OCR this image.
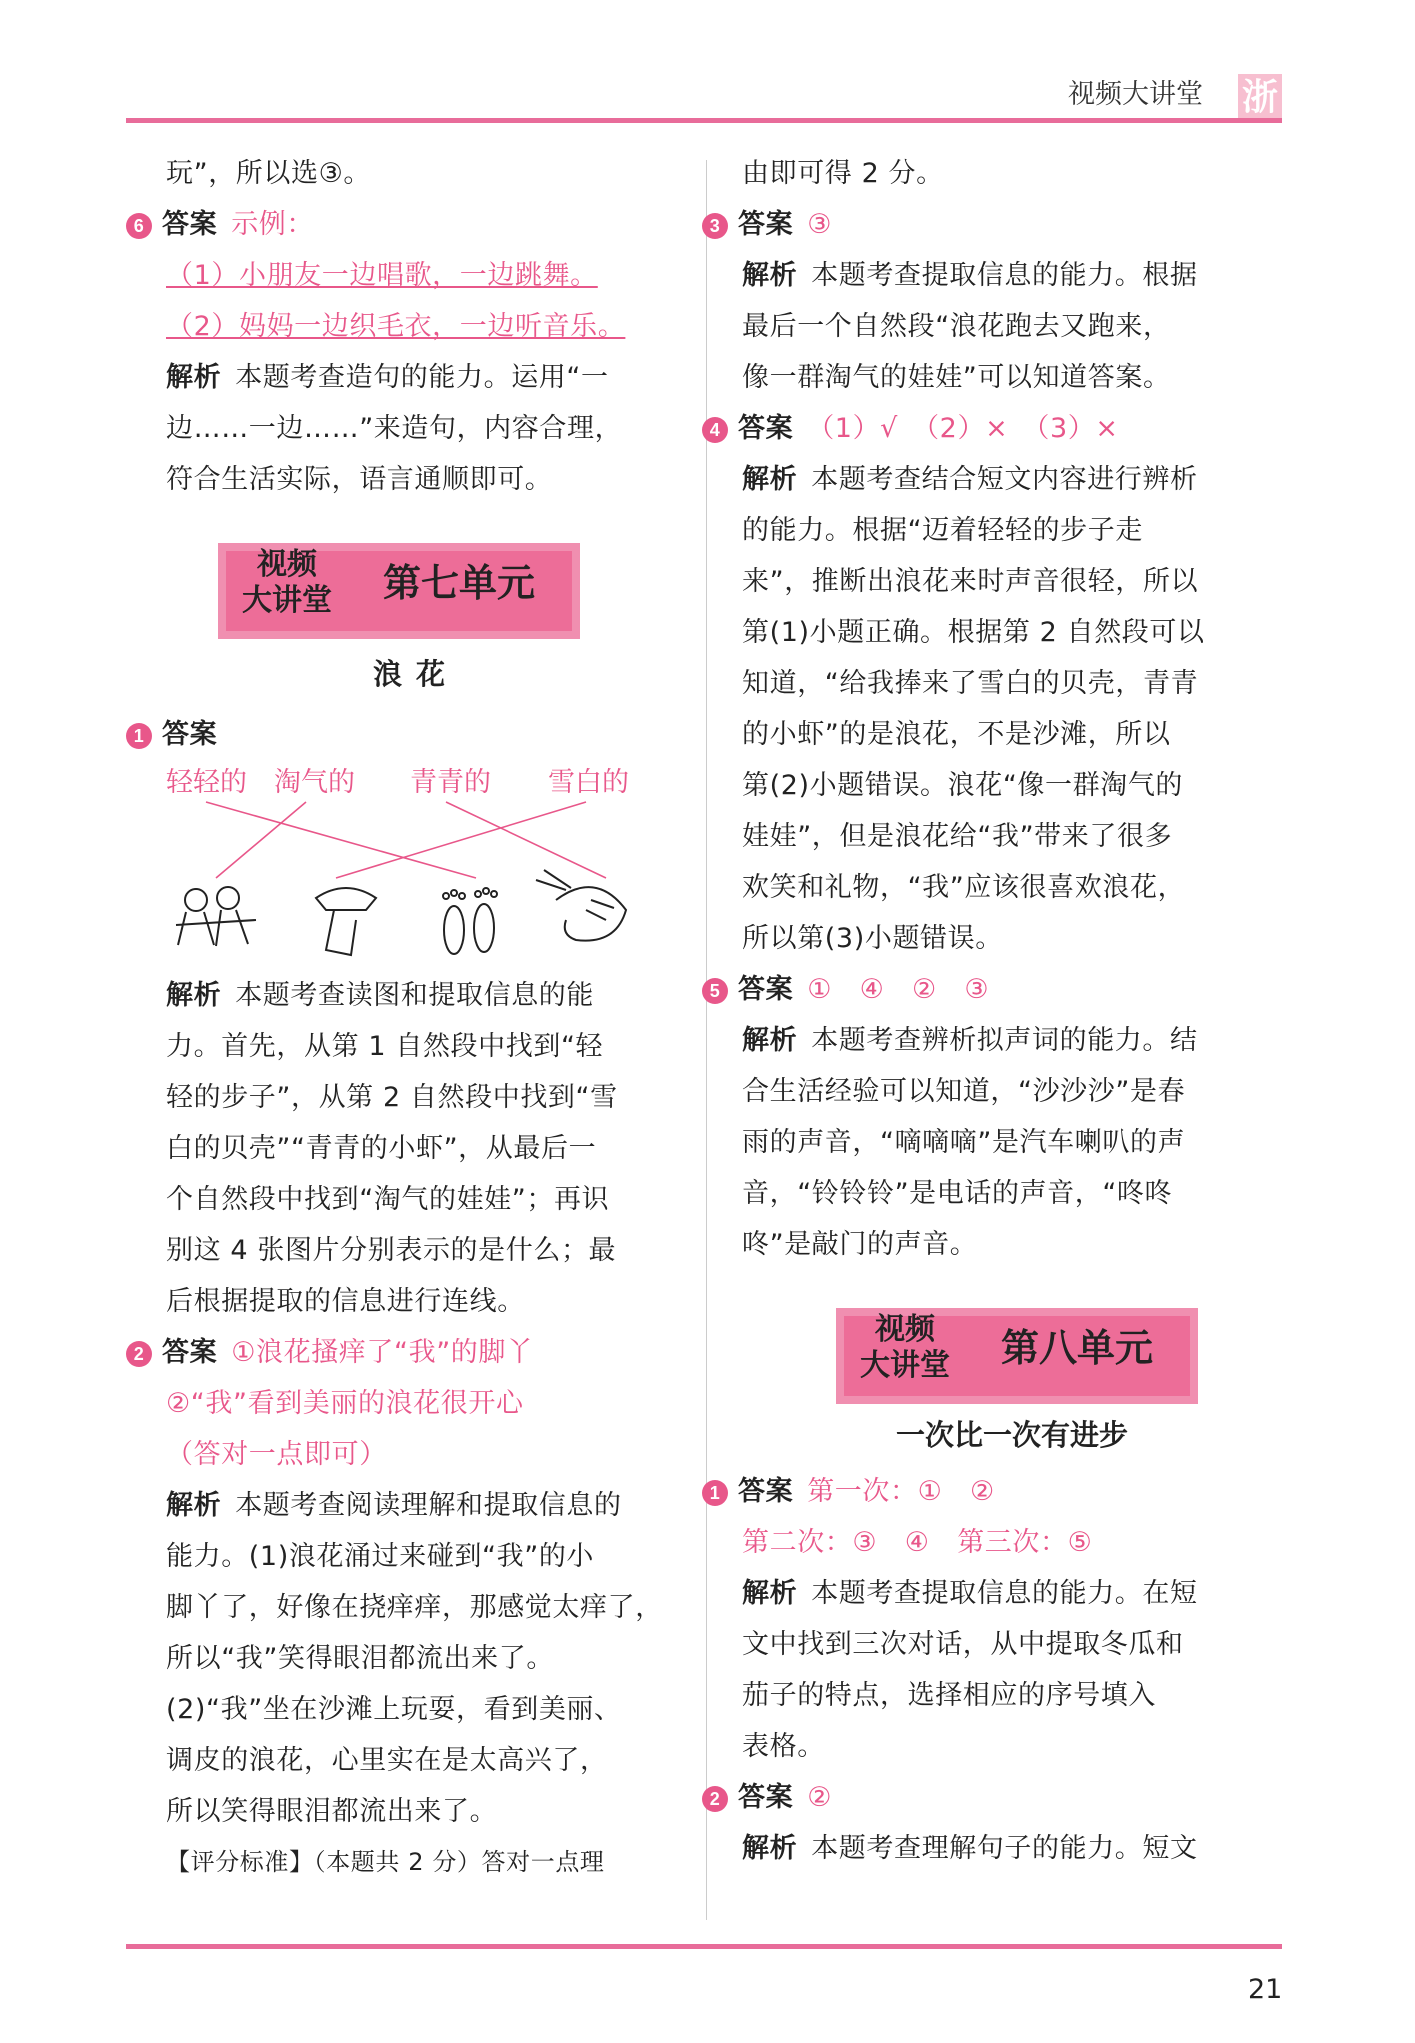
视频大讲堂 浙
玩”，所以选③。
6 答案 示例：
（1）小朋友一边唱歌，一边跳舞。
（2）妈妈一边织毛衣，一边听音乐。
解析 本题考查造句的能力。运用“一
边……一边……”来造句，内容合理，
符合生活实际，语言通顺即可。
视频
大讲堂	第七单元
浪花
1 答案
轻轻的 淘气的 青青的 雪白的
解析 本题考查读图和提取信息的能
力。首先，从第 1 自然段中找到“轻
轻的步子”，从第 2 自然段中找到“雪
白的贝壳”“青青的小虾”，从最后一
个自然段中找到“淘气的娃娃”；再识
别这 4 张图片分别表示的是什么；最
后根据提取的信息进行连线。
2 答案 ①浪花搔痒了“我”的脚丫
②“我”看到美丽的浪花很开心
（答对一点即可）
解析 本题考查阅读理解和提取信息的
能力。(1)浪花涌过来碰到“我”的小
脚丫了，好像在挠痒痒，那感觉太痒了，
所以“我”笑得眼泪都流出来了。
(2)“我”坐在沙滩上玩耍，看到美丽、
调皮的浪花，心里实在是太高兴了，
所以笑得眼泪都流出来了。
【评分标准】（本题共 2 分）答对一点理
由即可得 2 分。
3 答案 ③
解析 本题考查提取信息的能力。根据
最后一个自然段“浪花跑去又跑来，
像一群淘气的娃娃”可以知道答案。
4 答案 （1）√　（2）×　（3）×
解析 本题考查结合短文内容进行辨析
的能力。根据“迈着轻轻的步子走
来”，推断出浪花来时声音很轻，所以
第(1)小题正确。根据第 2 自然段可以
知道，“给我捧来了雪白的贝壳，青青
的小虾”的是浪花，不是沙滩，所以
第(2)小题错误。浪花“像一群淘气的
娃娃”，但是浪花给“我”带来了很多
欢笑和礼物，“我”应该很喜欢浪花，
所以第(3)小题错误。
5 答案 ①　④　②　③
解析 本题考查辨析拟声词的能力。结
合生活经验可以知道，“沙沙沙”是春
雨的声音，“嘀嘀嘀”是汽车喇叭的声
音，“铃铃铃”是电话的声音，“咚咚
咚”是敲门的声音。
视频
大讲堂	第八单元
一次比一次有进步
1 答案 第一次：①　②
第二次：③　④　第三次：⑤
解析 本题考查提取信息的能力。在短
文中找到三次对话，从中提取冬瓜和
茄子的特点，选择相应的序号填入
表格。
2 答案 ②
解析 本题考查理解句子的能力。短文
21
